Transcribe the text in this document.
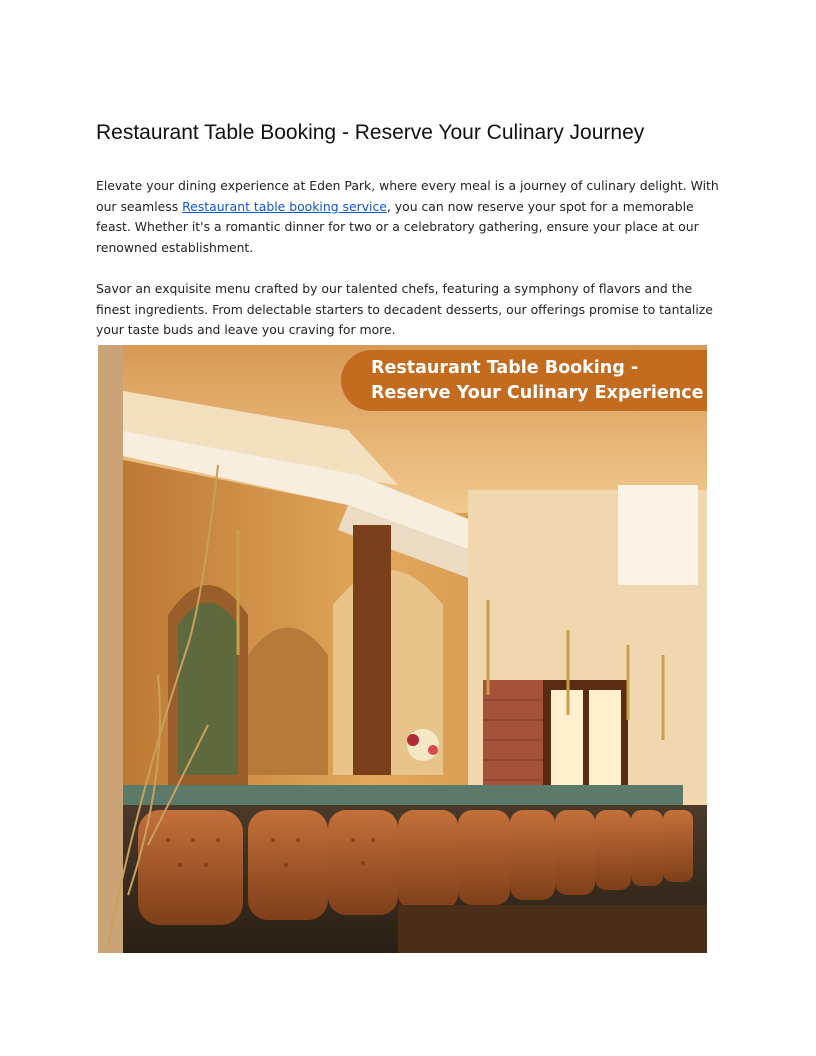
Restaurant Table Booking - Reserve Your Culinary Journey

Elevate your dining experience at Eden Park, where every meal is a journey of culinary delight. With our seamless Restaurant table booking service, you can now reserve your spot for a memorable feast. Whether it's a romantic dinner for two or a celebratory gathering, ensure your place at our renowned establishment.

Savor an exquisite menu crafted by our talented chefs, featuring a symphony of flavors and the finest ingredients. From delectable starters to decadent desserts, our offerings promise to tantalize your taste buds and leave you craving for more.

Restaurant Table Booking -
Reserve Your Culinary Experience
